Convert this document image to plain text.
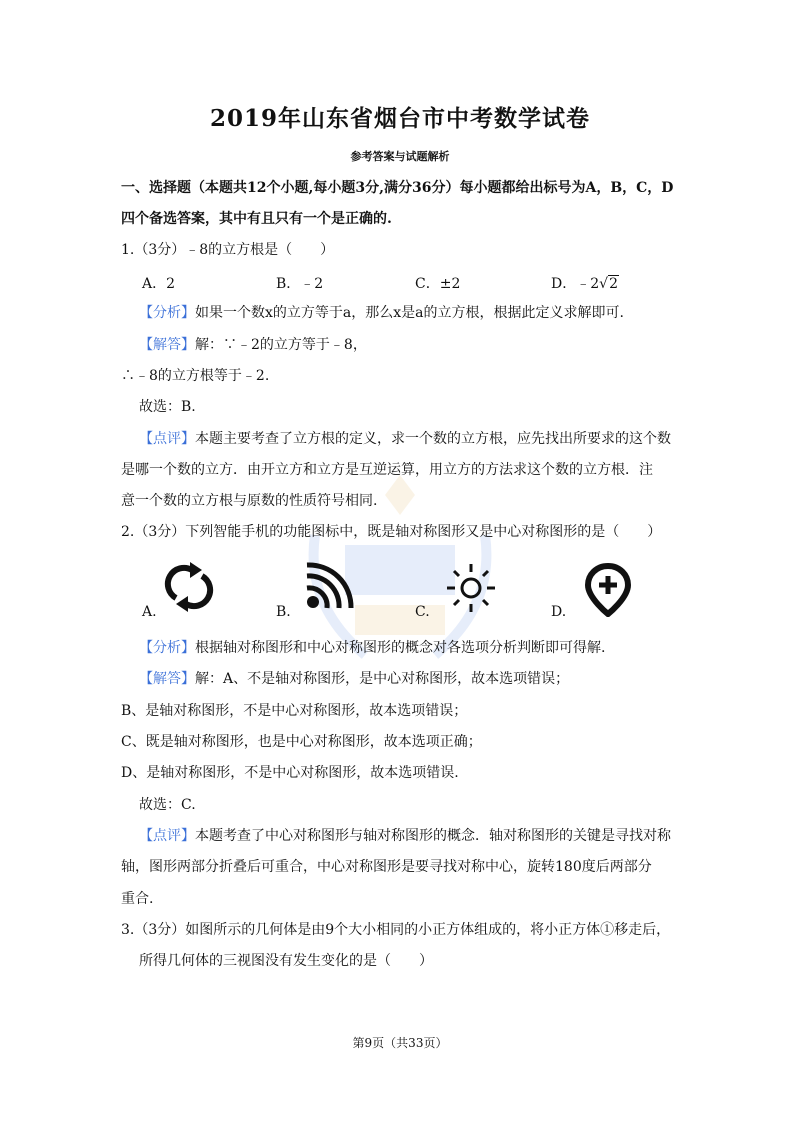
2019年山东省烟台市中考数学试卷
参考答案与试题解析
一、选择题（本题共12个小题,每小题3分,满分36分）每小题都给出标号为A，B，C，D
四个备选答案，其中有且只有一个是正确的.
1.（3分）﹣8的立方根是（　　）
A．2	B．﹣2	C．±2	D．﹣2√2
【分析】如果一个数x的立方等于a，那么x是a的立方根，根据此定义求解即可.
【解答】解：∵﹣2的立方等于﹣8，
∴﹣8的立方根等于﹣2.
故选：B.
【点评】本题主要考查了立方根的定义，求一个数的立方根，应先找出所要求的这个数
是哪一个数的立方．由开立方和立方是互逆运算，用立方的方法求这个数的立方根．注
意一个数的立方根与原数的性质符号相同.
2.（3分）下列智能手机的功能图标中，既是轴对称图形又是中心对称图形的是（　　）
A.	B.	C.	D.
【分析】根据轴对称图形和中心对称图形的概念对各选项分析判断即可得解.
【解答】解：A、不是轴对称图形，是中心对称图形，故本选项错误；
B、是轴对称图形，不是中心对称图形，故本选项错误；
C、既是轴对称图形，也是中心对称图形，故本选项正确；
D、是轴对称图形，不是中心对称图形，故本选项错误.
故选：C.
【点评】本题考查了中心对称图形与轴对称图形的概念．轴对称图形的关键是寻找对称
轴，图形两部分折叠后可重合，中心对称图形是要寻找对称中心，旋转180度后两部分
重合.
3.（3分）如图所示的几何体是由9个大小相同的小正方体组成的，将小正方体①移走后，
所得几何体的三视图没有发生变化的是（　　）
第9页（共33页）
